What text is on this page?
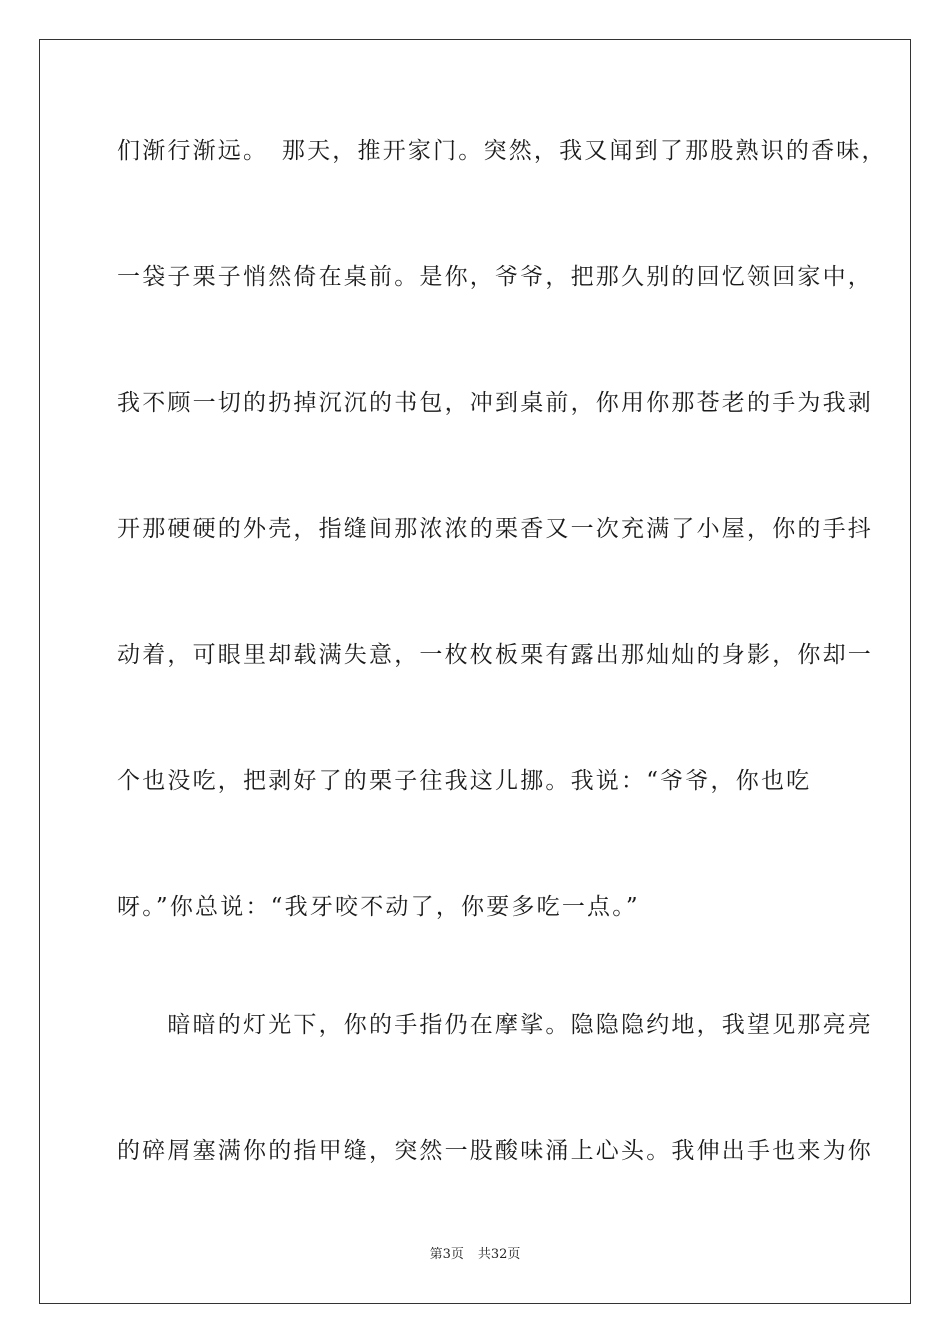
们渐行渐远。　那天，推开家门。突然，我又闻到了那股熟识的香味，
一袋子栗子悄然倚在桌前。是你，爷爷，把那久别的回忆领回家中，
我不顾一切的扔掉沉沉的书包，冲到桌前，你用你那苍老的手为我剥
开那硬硬的外壳，指缝间那浓浓的栗香又一次充满了小屋，你的手抖
动着，可眼里却载满失意，一枚枚板栗有露出那灿灿的身影，你却一
个也没吃，把剥好了的栗子往我这儿挪。我说：“爷爷，你也吃
呀。”你总说：“我牙咬不动了，你要多吃一点。”
　　暗暗的灯光下，你的手指仍在摩挲。隐隐隐约地，我望见那亮亮
的碎屑塞满你的指甲缝，突然一股酸味涌上心头。我伸出手也来为你
第3页 共32页
